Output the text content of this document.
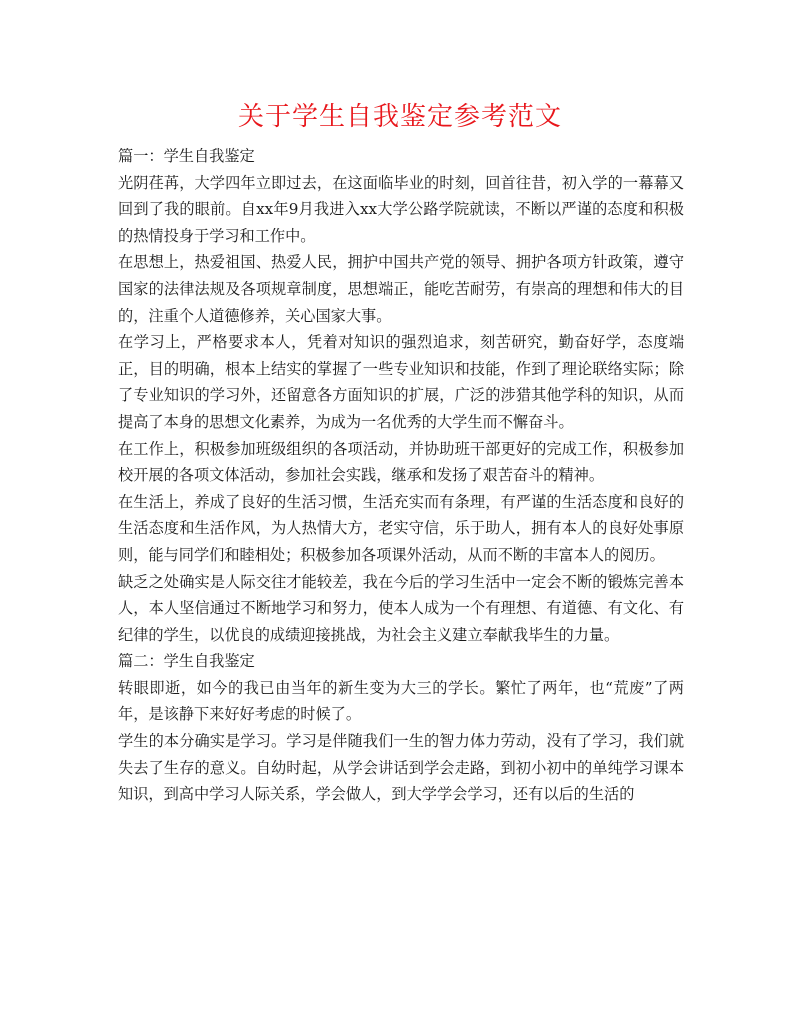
关于学生自我鉴定参考范文

篇一：学生自我鉴定

光阴荏苒，大学四年立即过去，在这面临毕业的时刻，回首往昔，初入学的一幕幕又回到了我的眼前。自xx年9月我进入xx大学公路学院就读，不断以严谨的态度和积极的热情投身于学习和工作中。

在思想上，热爱祖国、热爱人民，拥护中国共产党的领导、拥护各项方针政策，遵守国家的法律法规及各项规章制度，思想端正，能吃苦耐劳，有崇高的理想和伟大的目的，注重个人道德修养，关心国家大事。

在学习上，严格要求本人，凭着对知识的强烈追求，刻苦研究，勤奋好学，态度端正，目的明确，根本上结实的掌握了一些专业知识和技能，作到了理论联络实际；除了专业知识的学习外，还留意各方面知识的扩展，广泛的涉猎其他学科的知识，从而提高了本身的思想文化素养，为成为一名优秀的大学生而不懈奋斗。

在工作上，积极参加班级组织的各项活动，并协助班干部更好的完成工作，积极参加校开展的各项文体活动，参加社会实践，继承和发扬了艰苦奋斗的精神。

在生活上，养成了良好的生活习惯，生活充实而有条理，有严谨的生活态度和良好的生活态度和生活作风，为人热情大方，老实守信，乐于助人，拥有本人的良好处事原则，能与同学们和睦相处；积极参加各项课外活动，从而不断的丰富本人的阅历。

缺乏之处确实是人际交往才能较差，我在今后的学习生活中一定会不断的锻炼完善本人，本人坚信通过不断地学习和努力，使本人成为一个有理想、有道德、有文化、有纪律的学生，以优良的成绩迎接挑战，为社会主义建立奉献我毕生的力量。

篇二：学生自我鉴定

转眼即逝，如今的我已由当年的新生变为大三的学长。繁忙了两年，也“荒废”了两年，是该静下来好好考虑的时候了。

学生的本分确实是学习。学习是伴随我们一生的智力体力劳动，没有了学习，我们就失去了生存的意义。自幼时起，从学会讲话到学会走路，到初小初中的单纯学习课本知识，到高中学习人际关系，学会做人，到大学学会学习，还有以后的生活的
